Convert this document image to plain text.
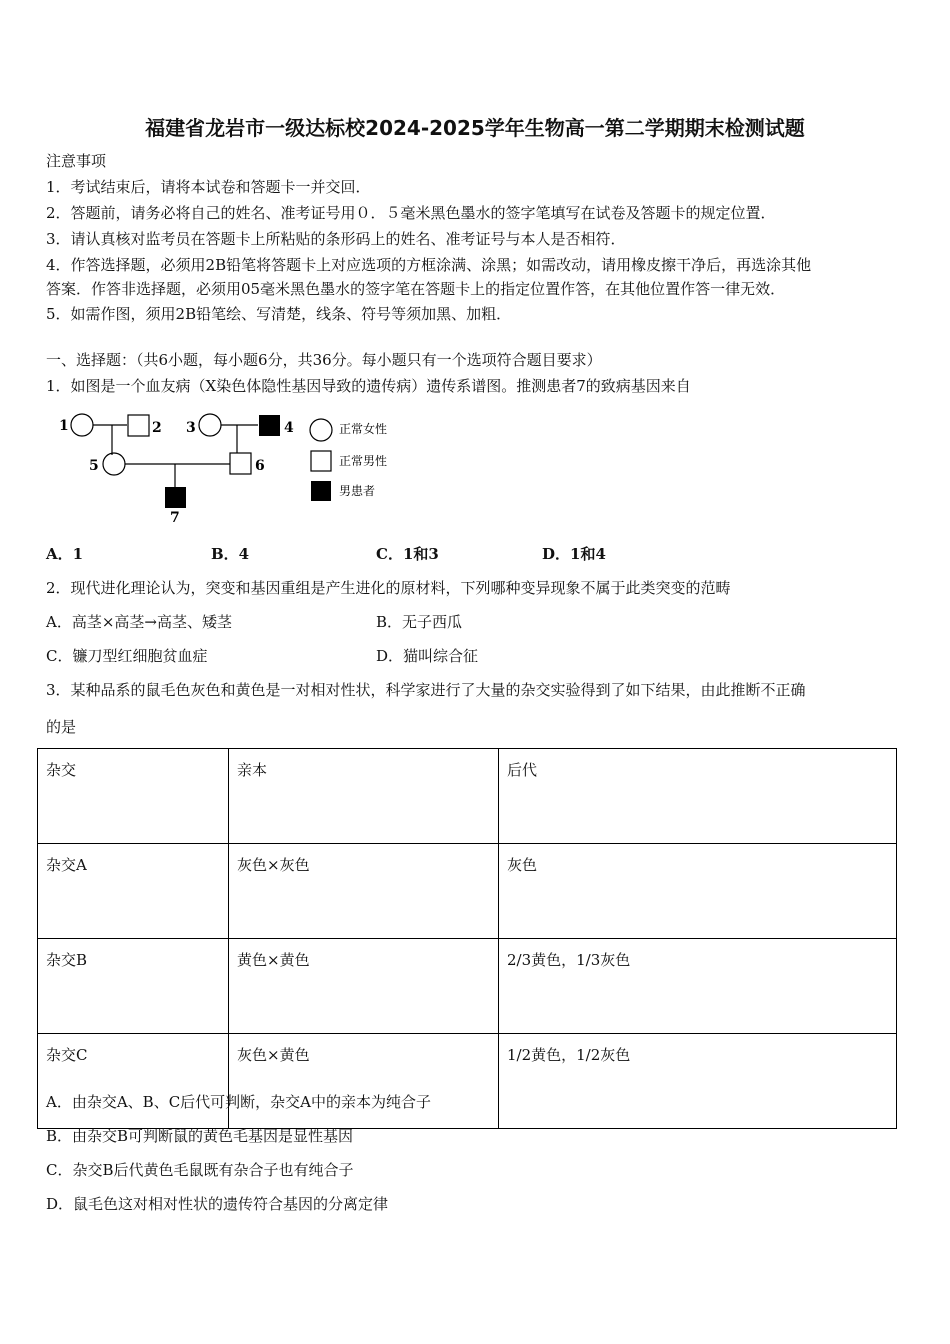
福建省龙岩市一级达标校2024-2025学年生物高一第二学期期末检测试题
注意事项
1．考试结束后，请将本试卷和答题卡一并交回．
2．答题前，请务必将自己的姓名、准考证号用０．５毫米黑色墨水的签字笔填写在试卷及答题卡的规定位置．
3．请认真核对监考员在答题卡上所粘贴的条形码上的姓名、准考证号与本人是否相符．
4．作答选择题，必须用2B铅笔将答题卡上对应选项的方框涂满、涂黑；如需改动，请用橡皮擦干净后，再选涂其他
答案．作答非选择题，必须用05毫米黑色墨水的签字笔在答题卡上的指定位置作答，在其他位置作答一律无效．
5．如需作图，须用2B铅笔绘、写清楚，线条、符号等须加黑、加粗．
一、选择题：（共6小题，每小题6分，共36分。每小题只有一个选项符合题目要求）
1．如图是一个血友病（X染色体隐性基因导致的遗传病）遗传系谱图。推测患者7的致病基因来自
1	2 3	4
5	6
7
正常女性
正常男性
男患者
A．1	B．4	C．1和3	D．1和4
2．现代进化理论认为，突变和基因重组是产生进化的原材料，下列哪种变异现象不属于此类突变的范畴
A．高茎×高茎→高茎、矮茎	B．无子西瓜
C．镰刀型红细胞贫血症	D．猫叫综合征
3．某种品系的鼠毛色灰色和黄色是一对相对性状，科学家进行了大量的杂交实验得到了如下结果，由此推断不正确
的是
杂交	亲本	后代
杂交A	灰色×灰色	灰色
杂交B	黄色×黄色	2/3黄色，1/3灰色
杂交C	灰色×黄色	1/2黄色，1/2灰色
A．由杂交A、B、C后代可判断，杂交A中的亲本为纯合子
B．由杂交B可判断鼠的黄色毛基因是显性基因
C．杂交B后代黄色毛鼠既有杂合子也有纯合子
D．鼠毛色这对相对性状的遗传符合基因的分离定律
